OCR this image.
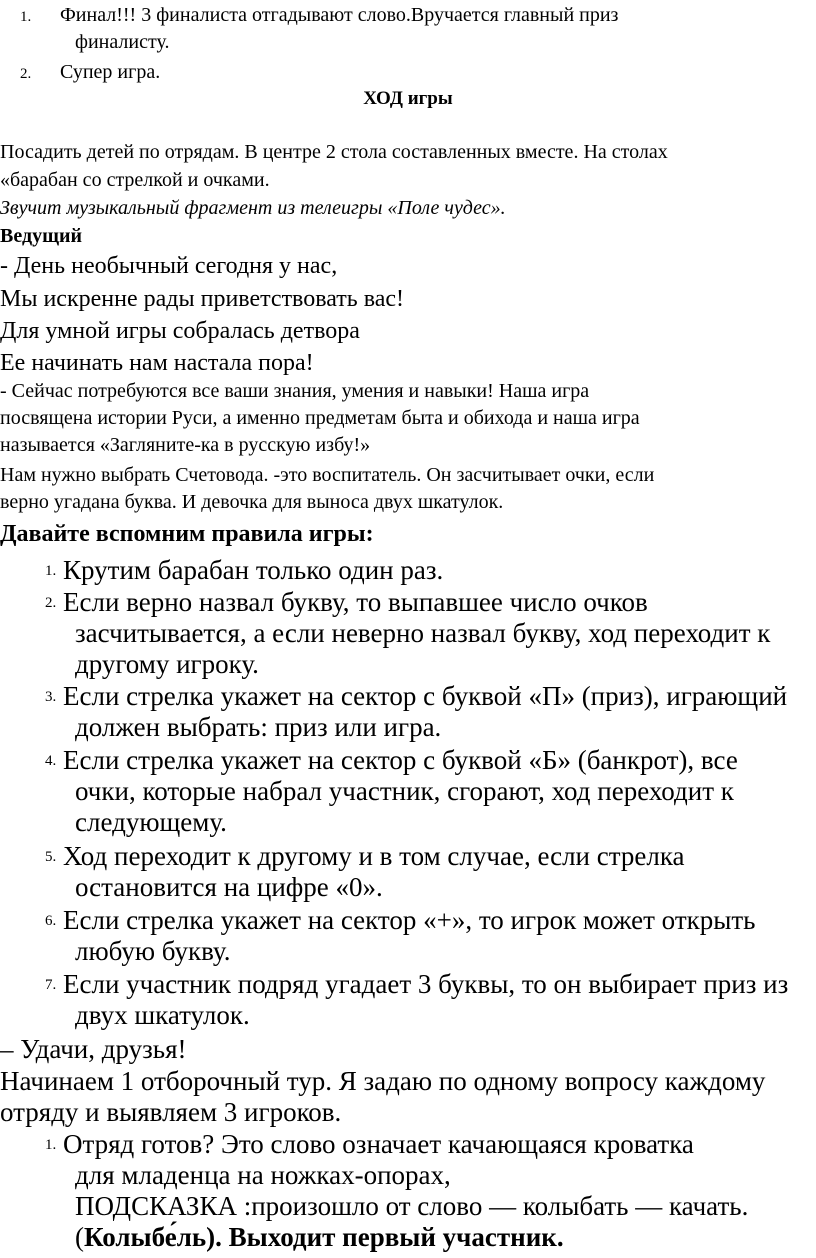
1. Финал!!! 3 финалиста отгадывают слово.Вручается главный приз
финалисту.
2. Супер игра.
ХОД игры
Посадить детей по отрядам. В центре 2 стола составленных вместе. На столах
«барабан со стрелкой и очками.
Звучит музыкальный фрагмент из телеигры «Поле чудес».
Ведущий
- День необычный сегодня у нас,
Мы искренне рады приветствовать вас!
Для умной игры собралась детвора
Ее начинать нам настала пора!
- Сейчас потребуются все ваши знания, умения и навыки! Наша игра
посвящена истории Руси, а именно предметам быта и обихода и наша игра
называется «Загляните-ка в русскую избу!»
Нам нужно выбрать Счетовода. -это воспитатель. Он засчитывает очки, если
верно угадана буква. И девочка для выноса двух шкатулок.
Давайте вспомним правила игры:
1. Крутим барабан только один раз.
2. Если верно назвал букву, то выпавшее число очков
засчитывается, а если неверно назвал букву, ход переходит к
другому игроку.
3. Если стрелка укажет на сектор с буквой «П» (приз), играющий
должен выбрать: приз или игра.
4. Если стрелка укажет на сектор с буквой «Б» (банкрот), все
очки, которые набрал участник, сгорают, ход переходит к
следующему.
5. Ход переходит к другому и в том случае, если стрелка
остановится на цифре «0».
6. Если стрелка укажет на сектор «+», то игрок может открыть
любую букву.
7. Если участник подряд угадает 3 буквы, то он выбирает приз из
двух шкатулок.
– Удачи, друзья!
Начинаем 1 отборочный тур. Я задаю по одному вопросу каждому
отряду и выявляем 3 игроков.
1. Отряд готов? Это слово означает качающаяся кроватка
для младенца на ножках-опорах,
ПОДСКАЗКА :произошло от слово — колыбать — качать.
(Колыбе́ль). Выходит первый участник.
